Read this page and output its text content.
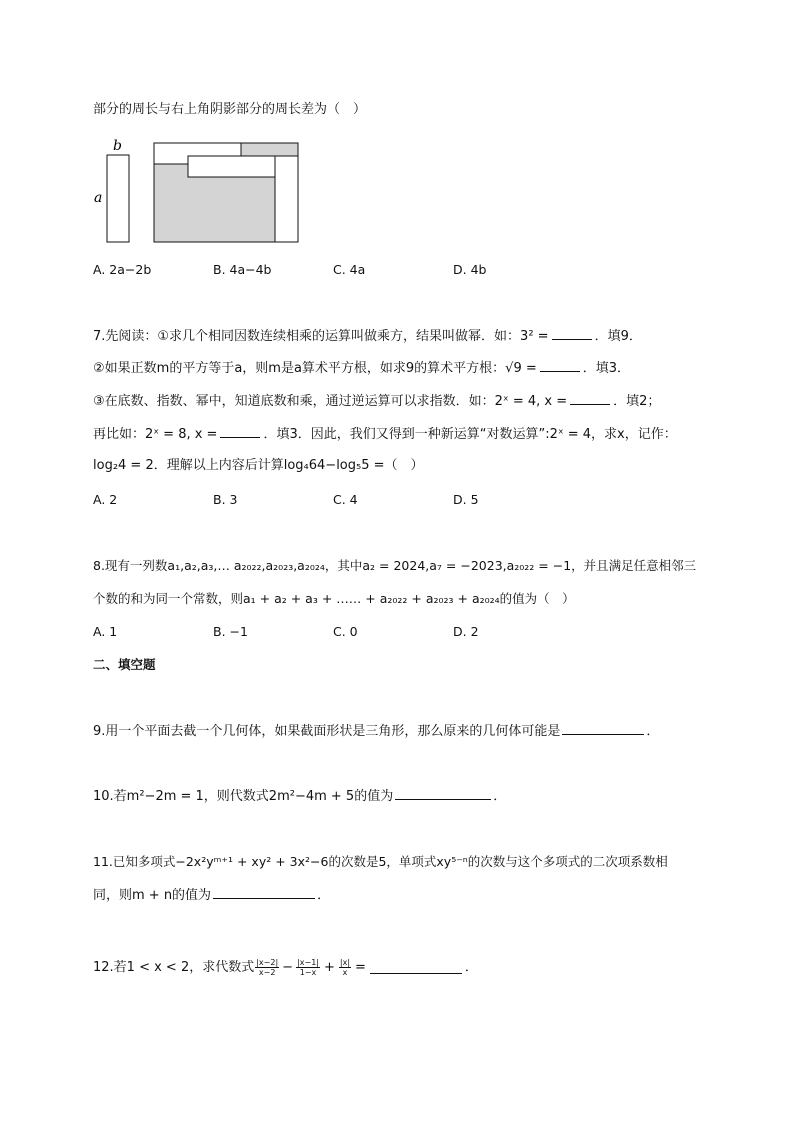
部分的周长与右上角阴影部分的周长差为（　）
b
a
A. 2a−2b	B. 4a−4b	C. 4a	D. 4b
7.先阅读：①求几个相同因数连续相乘的运算叫做乘方，结果叫做幂．如：3² =	．填9．
②如果正数m的平方等于a，则m是a算术平方根，如求9的算术平方根：√9 =	．填3．
③在底数、指数、幂中，知道底数和乘，通过逆运算可以求指数．如：2ˣ = 4, x =	．填2；
再比如：2ˣ = 8, x =	．填3．因此，我们又得到一种新运算“对数运算”:2ˣ = 4，求x，记作：
log₂4 = 2．理解以上内容后计算log₄64−log₅5 =（　）
A. 2	B. 3	C. 4	D. 5
8.现有一列数a₁,a₂,a₃,… a₂₀₂₂,a₂₀₂₃,a₂₀₂₄，其中a₂ = 2024,a₇ = −2023,a₂₀₂₂ = −1，并且满足任意相邻三
个数的和为同一个常数，则a₁ + a₂ + a₃ + …… + a₂₀₂₂ + a₂₀₂₃ + a₂₀₂₄的值为（　）
A. 1	B. −1	C. 0	D. 2
二、填空题
9.用一个平面去截一个几何体，如果截面形状是三角形，那么原来的几何体可能是	．
10.若m²−2m = 1，则代数式2m²−4m + 5的值为	．
11.已知多项式−2x²yᵐ⁺¹ + xy² + 3x²−6的次数是5，单项式xy⁵⁻ⁿ的次数与这个多项式的二次项系数相
同，则m + n的值为	．
12.若1 < x < 2，求代数式 $\frac{|x-2|}{x-2} - \frac{|x-1|}{1-x} + \frac{|x|}{x}$ =	．
